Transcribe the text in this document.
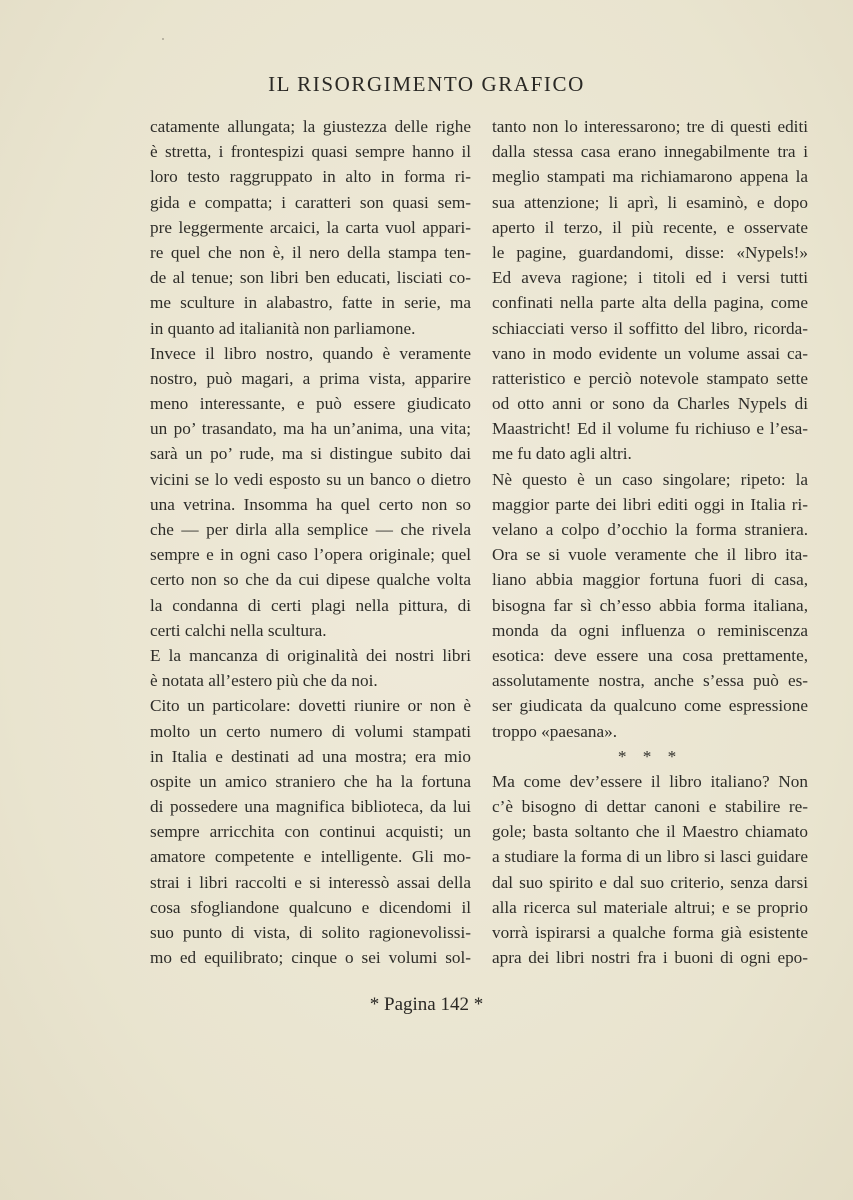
IL RISORGIMENTO GRAFICO
catamente allungata; la giustezza delle righe
è stretta, i frontespizi quasi sempre hanno il
loro testo raggruppato in alto in forma ri-
gida e compatta; i caratteri son quasi sem-
pre leggermente arcaici, la carta vuol appari-
re quel che non è, il nero della stampa ten-
de al tenue; son libri ben educati, lisciati co-
me sculture in alabastro, fatte in serie, ma
in quanto ad italianità non parliamone.
Invece il libro nostro, quando è veramente
nostro, può magari, a prima vista, apparire
meno interessante, e può essere giudicato
un po’ trasandato, ma ha un’anima, una vita;
sarà un po’ rude, ma si distingue subito dai
vicini se lo vedi esposto su un banco o dietro
una vetrina. Insomma ha quel certo non so
che — per dirla alla semplice — che rivela
sempre e in ogni caso l’opera originale; quel
certo non so che da cui dipese qualche volta
la condanna di certi plagi nella pittura, di
certi calchi nella scultura.
E la mancanza di originalità dei nostri libri
è notata all’estero più che da noi.
Cito un particolare: dovetti riunire or non è
molto un certo numero di volumi stampati
in Italia e destinati ad una mostra; era mio
ospite un amico straniero che ha la fortuna
di possedere una magnifica biblioteca, da lui
sempre arricchita con continui acquisti; un
amatore competente e intelligente. Gli mo-
strai i libri raccolti e si interessò assai della
cosa sfogliandone qualcuno e dicendomi il
suo punto di vista, di solito ragionevolissi-
mo ed equilibrato; cinque o sei volumi sol-
tanto non lo interessarono; tre di questi editi
dalla stessa casa erano innegabilmente tra i
meglio stampati ma richiamarono appena la
sua attenzione; li aprì, li esaminò, e dopo
aperto il terzo, il più recente, e osservate
le pagine, guardandomi, disse: «Nypels!»
Ed aveva ragione; i titoli ed i versi tutti
confinati nella parte alta della pagina, come
schiacciati verso il soffitto del libro, ricorda-
vano in modo evidente un volume assai ca-
ratteristico e perciò notevole stampato sette
od otto anni or sono da Charles Nypels di
Maastricht! Ed il volume fu richiuso e l’esa-
me fu dato agli altri.
Nè questo è un caso singolare; ripeto: la
maggior parte dei libri editi oggi in Italia ri-
velano a colpo d’occhio la forma straniera.
Ora se si vuole veramente che il libro ita-
liano abbia maggior fortuna fuori di casa,
bisogna far sì ch’esso abbia forma italiana,
monda da ogni influenza o reminiscenza
esotica: deve essere una cosa prettamente,
assolutamente nostra, anche s’essa può es-
ser giudicata da qualcuno come espressione
troppo «paesana».
* * *
Ma come dev’essere il libro italiano? Non
c’è bisogno di dettar canoni e stabilire re-
gole; basta soltanto che il Maestro chiamato
a studiare la forma di un libro si lasci guidare
dal suo spirito e dal suo criterio, senza darsi
alla ricerca sul materiale altrui; e se proprio
vorrà ispirarsi a qualche forma già esistente
apra dei libri nostri fra i buoni di ogni epo-
* Pagina 142 *
